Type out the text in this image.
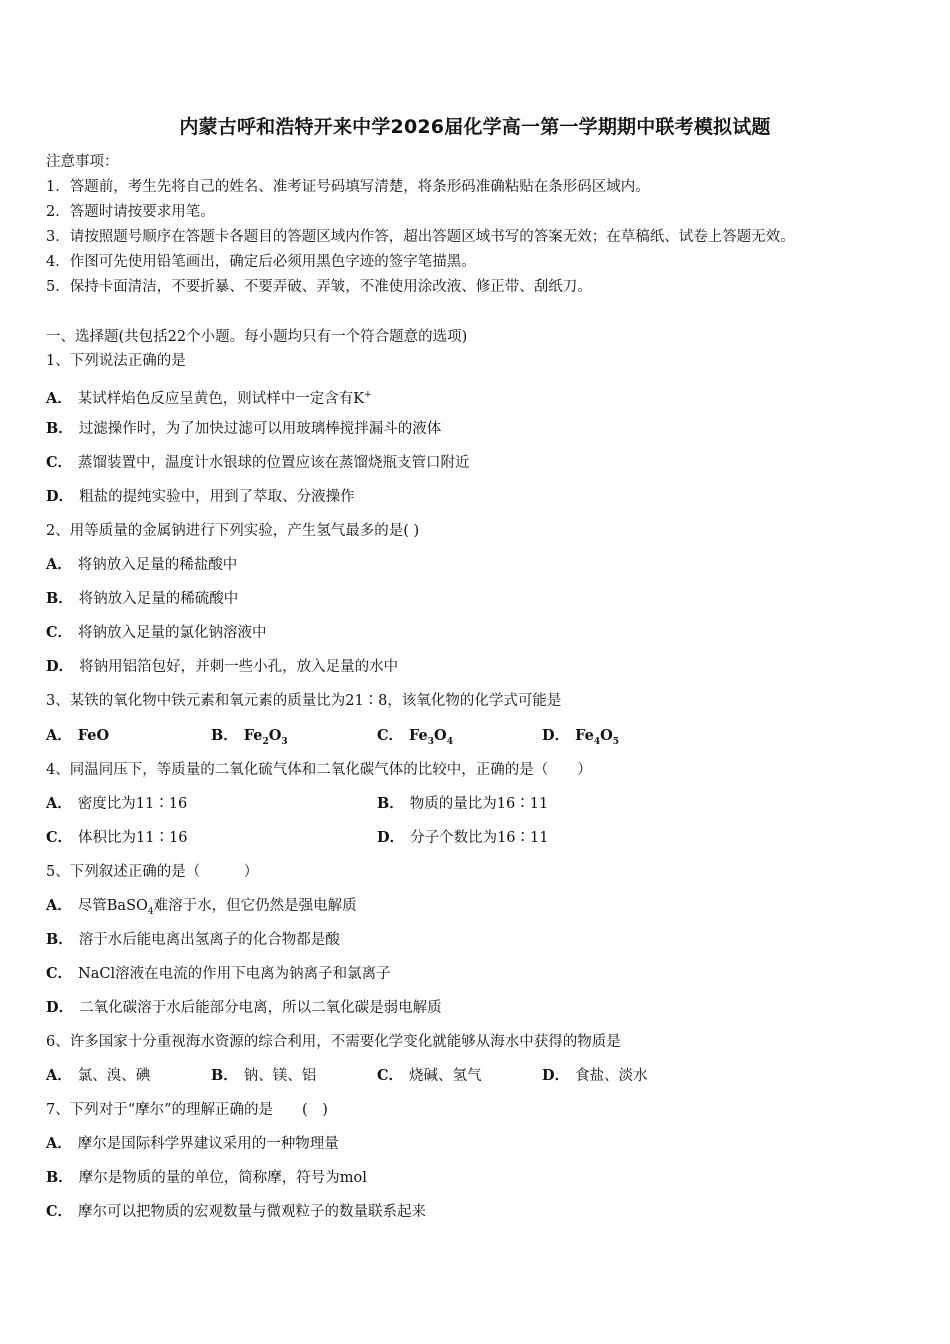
内蒙古呼和浩特开来中学2026届化学高一第一学期期中联考模拟试题
注意事项：
1．答题前，考生先将自己的姓名、准考证号码填写清楚，将条形码准确粘贴在条形码区域内。
2．答题时请按要求用笔。
3．请按照题号顺序在答题卡各题目的答题区域内作答，超出答题区域书写的答案无效；在草稿纸、试卷上答题无效。
4．作图可先使用铅笔画出，确定后必须用黑色字迹的签字笔描黑。
5．保持卡面清洁，不要折暴、不要弄破、弄皱，不准使用涂改液、修正带、刮纸刀。
一、选择题(共包括22个小题。每小题均只有一个符合题意的选项)
1、下列说法正确的是
A． 某试样焰色反应呈黄色，则试样中一定含有K+
B． 过滤操作时，为了加快过滤可以用玻璃棒搅拌漏斗的液体
C． 蒸馏装置中，温度计水银球的位置应该在蒸馏烧瓶支管口附近
D． 粗盐的提纯实验中，用到了萃取、分液操作
2、用等质量的金属钠进行下列实验，产生氢气最多的是( )
A． 将钠放入足量的稀盐酸中
B． 将钠放入足量的稀硫酸中
C． 将钠放入足量的氯化钠溶液中
D． 将钠用铝箔包好，并刺一些小孔，放入足量的水中
3、某铁的氧化物中铁元素和氧元素的质量比为21∶8，该氧化物的化学式可能是
A． FeO	B． $Fe_2O_3$	C． $Fe_3O_4$	D． $Fe_4O_5$
4、同温同压下，等质量的二氧化硫气体和二氧化碳气体的比较中，正确的是（　　）
A． 密度比为11∶16	B． 物质的量比为16∶11
C． 体积比为11∶16	D． 分子个数比为16∶11
5、下列叙述正确的是（　　　）
A． 尽管BaSO$_4$难溶于水，但它仍然是强电解质
B． 溶于水后能电离出氢离子的化合物都是酸
C． NaCl溶液在电流的作用下电离为钠离子和氯离子
D． 二氧化碳溶于水后能部分电离，所以二氧化碳是弱电解质
6、许多国家十分重视海水资源的综合利用，不需要化学变化就能够从海水中获得的物质是
A． 氯、溴、碘	B． 钠、镁、铝	C． 烧碱、氢气	D． 食盐、淡水
7、下列对于“摩尔”的理解正确的是　　(　)
A． 摩尔是国际科学界建议采用的一种物理量
B． 摩尔是物质的量的单位，简称摩，符号为mol
C． 摩尔可以把物质的宏观数量与微观粒子的数量联系起来
